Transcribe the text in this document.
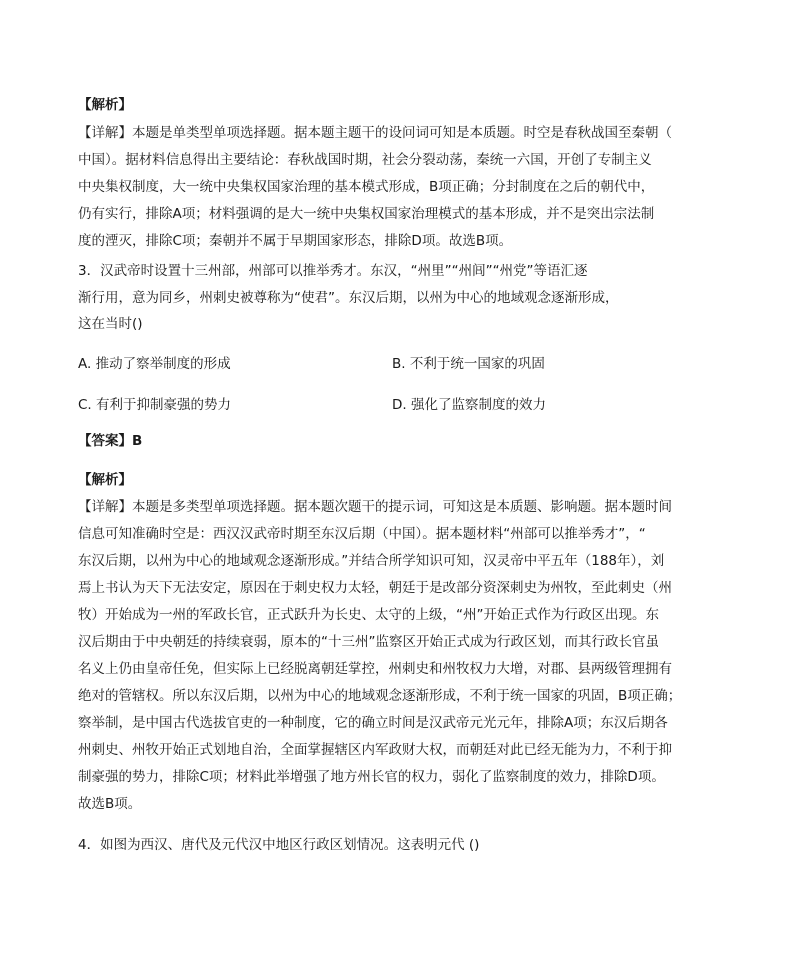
【解析】
【详解】本题是单类型单项选择题。据本题主题干的设问词可知是本质题。时空是春秋战国至秦朝（
中国）。据材料信息得出主要结论：春秋战国时期，社会分裂动荡，秦统一六国，开创了专制主义
中央集权制度，大一统中央集权国家治理的基本模式形成，B项正确；分封制度在之后的朝代中，
仍有实行，排除A项；材料强调的是大一统中央集权国家治理模式的基本形成，并不是突出宗法制
度的湮灭，排除C项；秦朝并不属于早期国家形态，排除D项。故选B项。
3．汉武帝时设置十三州部，州部可以推举秀才。东汉，“州里”“州闾”“州党”等语汇逐
渐行用，意为同乡，州刺史被尊称为“使君”。东汉后期，以州为中心的地域观念逐渐形成，
这在当时()
A. 推动了察举制度的形成	B. 不利于统一国家的巩固
C. 有利于抑制豪强的势力	D. 强化了监察制度的效力
【答案】B
【解析】
【详解】本题是多类型单项选择题。据本题次题干的提示词，可知这是本质题、影响题。据本题时间
信息可知准确时空是：西汉汉武帝时期至东汉后期（中国）。据本题材料“州部可以推举秀才”，“
东汉后期，以州为中心的地域观念逐渐形成。”并结合所学知识可知，汉灵帝中平五年（188年），刘
焉上书认为天下无法安定，原因在于刺史权力太轻，朝廷于是改部分资深刺史为州牧，至此刺史（州
牧）开始成为一州的军政长官，正式跃升为长史、太守的上级，“州”开始正式作为行政区出现。东
汉后期由于中央朝廷的持续衰弱，原本的“十三州”监察区开始正式成为行政区划，而其行政长官虽
名义上仍由皇帝任免，但实际上已经脱离朝廷掌控，州刺史和州牧权力大增，对郡、县两级管理拥有
绝对的管辖权。所以东汉后期，以州为中心的地域观念逐渐形成，不利于统一国家的巩固，B项正确；
察举制，是中国古代选拔官吏的一种制度，它的确立时间是汉武帝元光元年，排除A项；东汉后期各
州刺史、州牧开始正式划地自治，全面掌握辖区内军政财大权，而朝廷对此已经无能为力，不利于抑
制豪强的势力，排除C项；材料此举增强了地方州长官的权力，弱化了监察制度的效力，排除D项。
故选B项。
4．如图为西汉、唐代及元代汉中地区行政区划情况。这表明元代 ()
